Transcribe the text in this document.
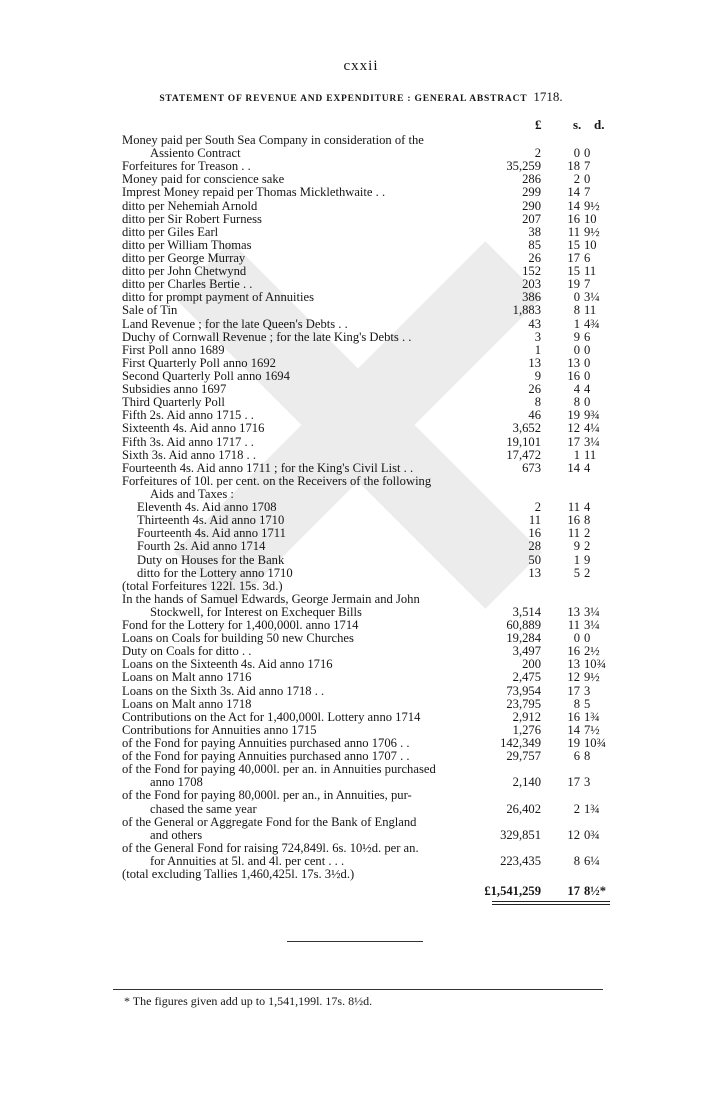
cxxii
STATEMENT OF REVENUE AND EXPENDITURE : GENERAL ABSTRACT 1718.
£ s. d.
Money paid per South Sea Company in consideration of the
Assiento Contract	2	0 0
Forfeitures for Treason . .	35,259	18 7
Money paid for conscience sake	286	2 0
Imprest Money repaid per Thomas Micklethwaite . .	299	14 7
ditto per Nehemiah Arnold	290	14 9½
ditto per Sir Robert Furness	207	16 10
ditto per Giles Earl	38	11 9½
ditto per William Thomas	85	15 10
ditto per George Murray	26	17 6
ditto per John Chetwynd	152	15 11
ditto per Charles Bertie . .	203	19 7
ditto for prompt payment of Annuities	386	0 3¼
Sale of Tin	1,883	8 11
Land Revenue ; for the late Queen's Debts . .	43	1 4¾
Duchy of Cornwall Revenue ; for the late King's Debts . .	3	9 6
First Poll anno 1689	1	0 0
First Quarterly Poll anno 1692	13	13 0
Second Quarterly Poll anno 1694	9	16 0
Subsidies anno 1697	26	4 4
Third Quarterly Poll	8	8 0
Fifth 2s. Aid anno 1715 . .	46	19 9¾
Sixteenth 4s. Aid anno 1716	3,652	12 4¼
Fifth 3s. Aid anno 1717 . .	19,101	17 3¼
Sixth 3s. Aid anno 1718 . .	17,472	1 11
Fourteenth 4s. Aid anno 1711 ; for the King's Civil List . .	673	14 4
Forfeitures of 10l. per cent. on the Receivers of the following
Aids and Taxes :
Eleventh 4s. Aid anno 1708	2	11 4
Thirteenth 4s. Aid anno 1710	11	16 8
Fourteenth 4s. Aid anno 1711	16	11 2
Fourth 2s. Aid anno 1714	28	9 2
Duty on Houses for the Bank	50	1 9
ditto for the Lottery anno 1710	13	5 2
(total Forfeitures 122l. 15s. 3d.)
In the hands of Samuel Edwards, George Jermain and John
Stockwell, for Interest on Exchequer Bills	3,514	13 3¼
Fond for the Lottery for 1,400,000l. anno 1714	60,889	11 3¼
Loans on Coals for building 50 new Churches	19,284	0 0
Duty on Coals for ditto . .	3,497	16 2½
Loans on the Sixteenth 4s. Aid anno 1716	200	13 10¾
Loans on Malt anno 1716	2,475	12 9½
Loans on the Sixth 3s. Aid anno 1718 . .	73,954	17 3
Loans on Malt anno 1718	23,795	8 5
Contributions on the Act for 1,400,000l. Lottery anno 1714	2,912	16 1¾
Contributions for Annuities anno 1715	1,276	14 7½
of the Fond for paying Annuities purchased anno 1706 . .	142,349	19 10¾
of the Fond for paying Annuities purchased anno 1707 . .	29,757	6 8
of the Fond for paying 40,000l. per an. in Annuities purchased
anno 1708	2,140	17 3
of the Fond for paying 80,000l. per an., in Annuities, pur-
chased the same year	26,402	2 1¾
of the General or Aggregate Fond for the Bank of England
and others	329,851	12 0¾
of the General Fond for raising 724,849l. 6s. 10½d. per an.
for Annuities at 5l. and 4l. per cent . . .	223,435	8 6¼
(total excluding Tallies 1,460,425l. 17s. 3½d.)
£1,541,259	17 8½*
* The figures given add up to 1,541,199l. 17s. 8½d.
